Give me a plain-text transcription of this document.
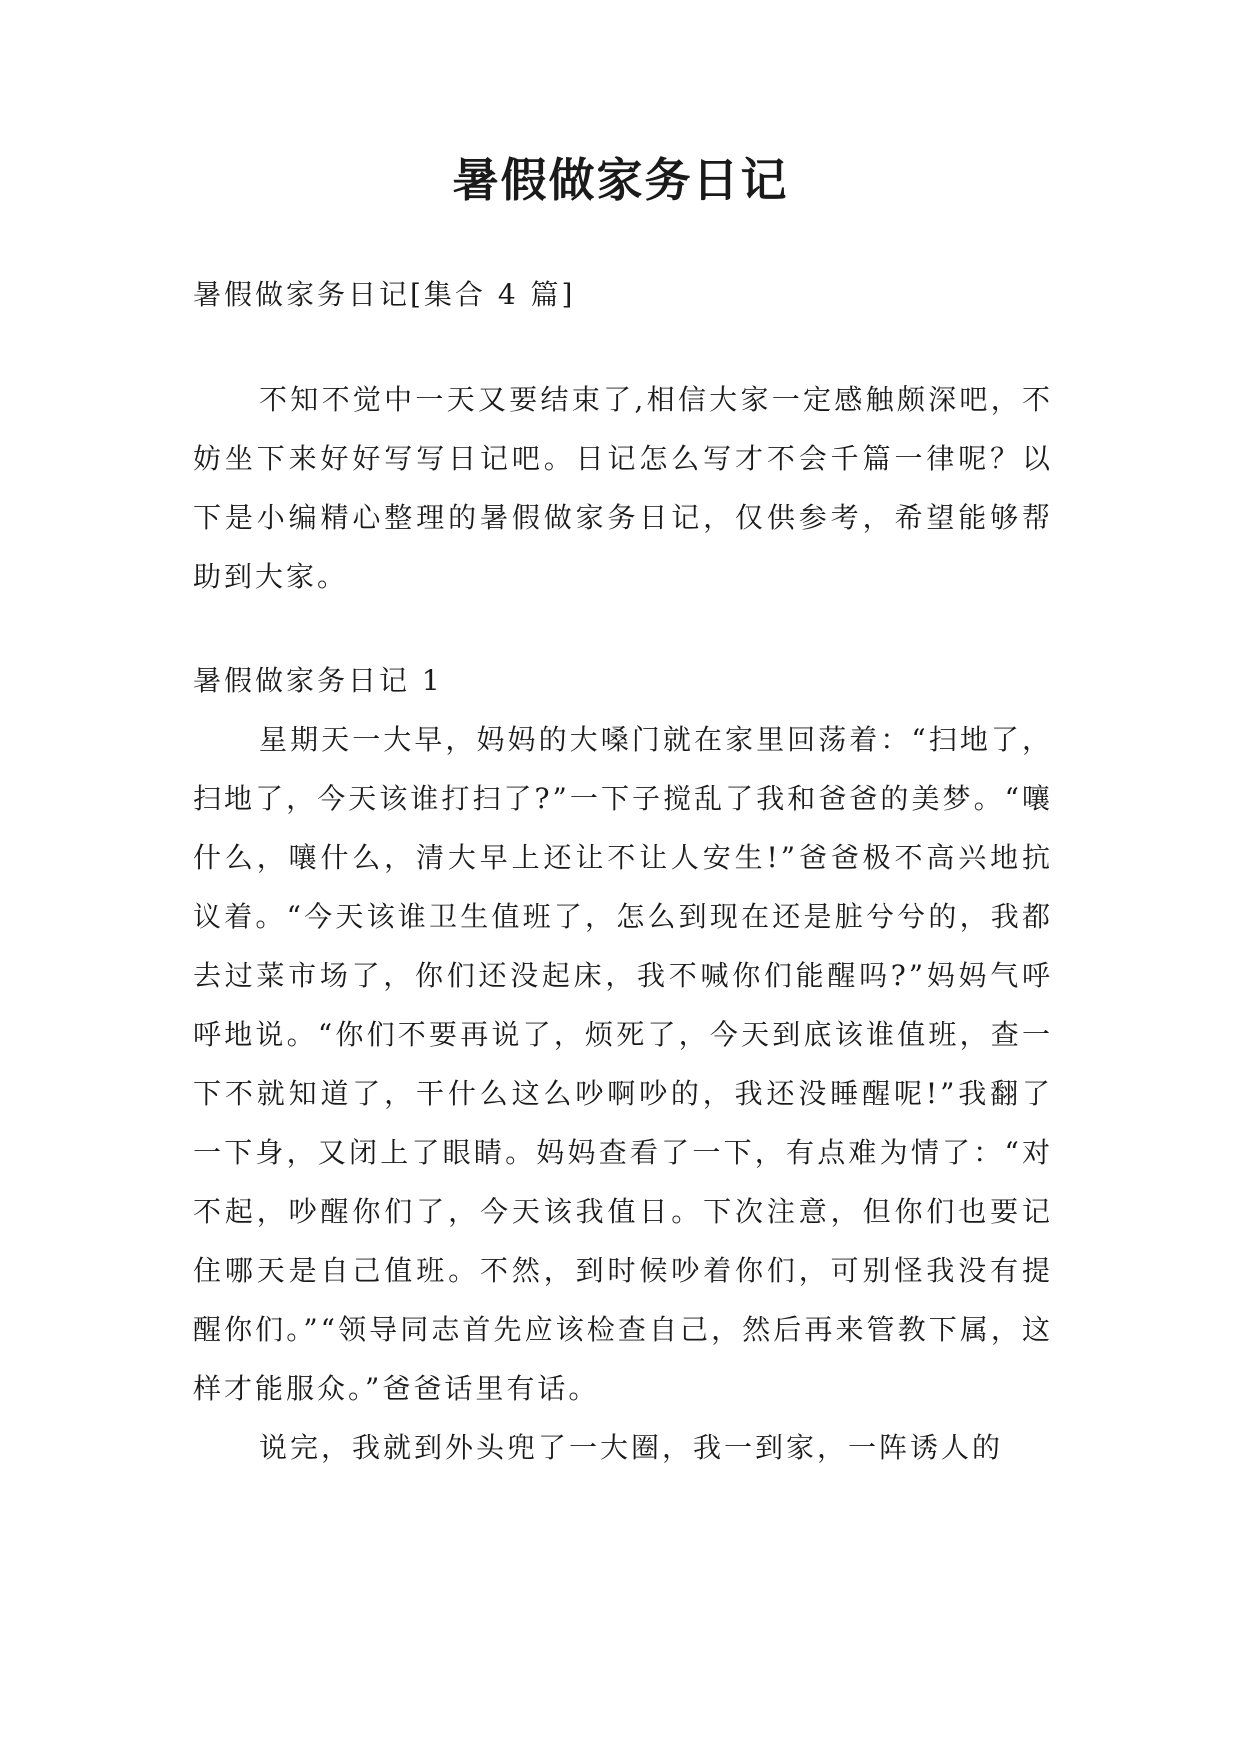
暑假做家务日记

暑假做家务日记[集合 4 篇]

不知不觉中一天又要结束了,相信大家一定感触颇深吧，不妨坐下来好好写写日记吧。日记怎么写才不会千篇一律呢？以下是小编精心整理的暑假做家务日记，仅供参考，希望能够帮助到大家。

暑假做家务日记 1

星期天一大早，妈妈的大嗓门就在家里回荡着：“扫地了，扫地了，今天该谁打扫了?”一下子搅乱了我和爸爸的美梦。“嚷什么，嚷什么，清大早上还让不让人安生!”爸爸极不高兴地抗议着。“今天该谁卫生值班了，怎么到现在还是脏兮兮的，我都去过菜市场了，你们还没起床，我不喊你们能醒吗?”妈妈气呼呼地说。“你们不要再说了，烦死了，今天到底该谁值班，查一下不就知道了，干什么这么吵啊吵的，我还没睡醒呢!”我翻了一下身，又闭上了眼睛。妈妈查看了一下，有点难为情了：“对不起，吵醒你们了，今天该我值日。下次注意，但你们也要记住哪天是自己值班。不然，到时候吵着你们，可别怪我没有提醒你们。”“领导同志首先应该检查自己，然后再来管教下属，这样才能服众。”爸爸话里有话。

说完，我就到外头兜了一大圈，我一到家，一阵诱人的
